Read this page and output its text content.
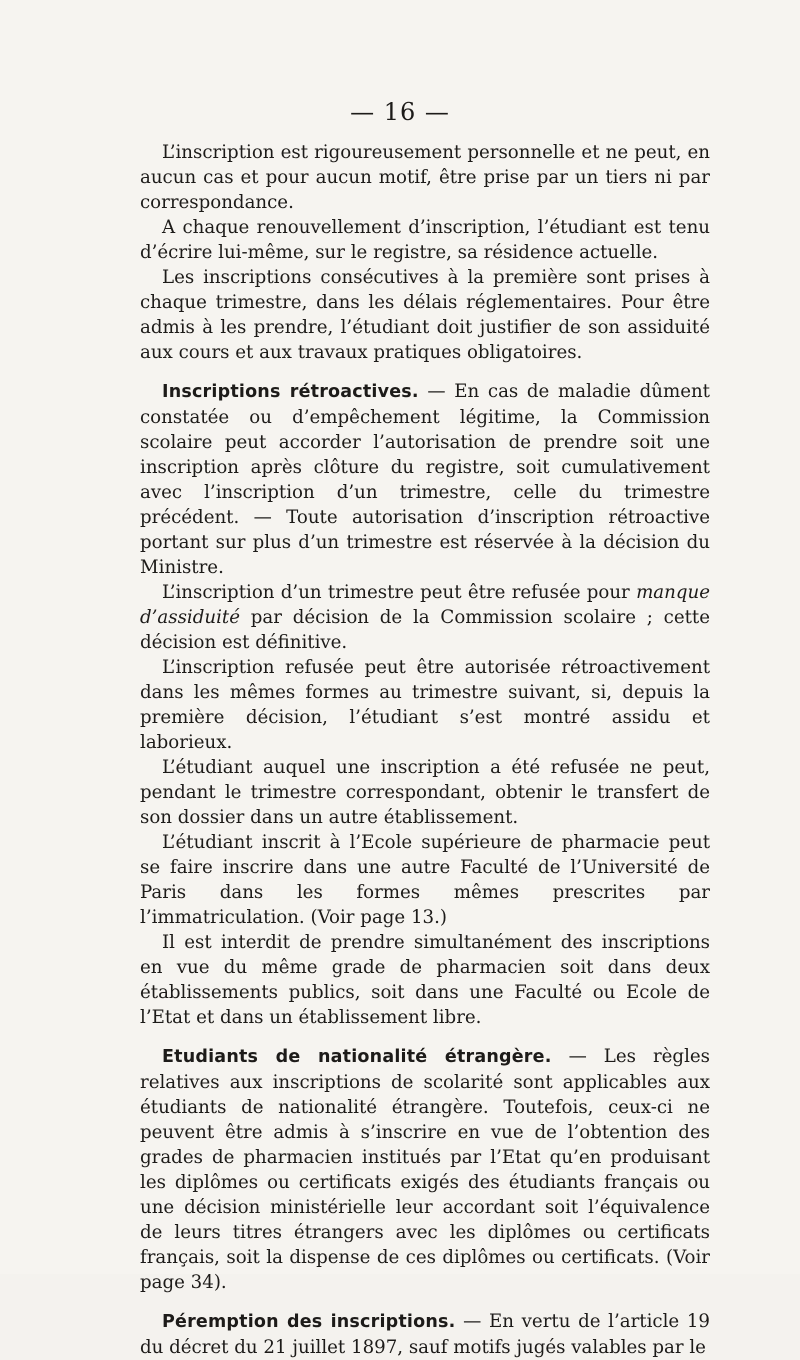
— 16 —

L’inscription est rigoureusement personnelle et ne peut, en aucun cas et pour aucun motif, être prise par un tiers ni par correspondance.

A chaque renouvellement d’inscription, l’étudiant est tenu d’écrire lui-même, sur le registre, sa résidence actuelle.

Les inscriptions consécutives à la première sont prises à chaque trimestre, dans les délais réglementaires. Pour être admis à les prendre, l’étudiant doit justifier de son assiduité aux cours et aux travaux pratiques obligatoires.

Inscriptions rétroactives. — En cas de maladie dûment constatée ou d’empêchement légitime, la Commission scolaire peut accorder l’autorisation de prendre soit une inscription après clôture du registre, soit cumulativement avec l’inscription d’un trimestre, celle du trimestre précédent. — Toute autorisation d’inscription rétroactive portant sur plus d’un trimestre est réservée à la décision du Ministre.

L’inscription d’un trimestre peut être refusée pour manque d’assiduité par décision de la Commission scolaire ; cette décision est définitive.

L’inscription refusée peut être autorisée rétroactivement dans les mêmes formes au trimestre suivant, si, depuis la première décision, l’étudiant s’est montré assidu et laborieux.

L’étudiant auquel une inscription a été refusée ne peut, pendant le trimestre correspondant, obtenir le transfert de son dossier dans un autre établissement.

L’étudiant inscrit à l’Ecole supérieure de pharmacie peut se faire inscrire dans une autre Faculté de l’Université de Paris dans les formes mêmes prescrites par l’immatriculation. (Voir page 13.)

Il est interdit de prendre simultanément des inscriptions en vue du même grade de pharmacien soit dans deux établissements publics, soit dans une Faculté ou Ecole de l’Etat et dans un établissement libre.

Etudiants de nationalité étrangère. — Les règles relatives aux inscriptions de scolarité sont applicables aux étudiants de nationalité étrangère. Toutefois, ceux-ci ne peuvent être admis à s’inscrire en vue de l’obtention des grades de pharmacien institués par l’Etat qu’en produisant les diplômes ou certificats exigés des étudiants français ou une décision ministérielle leur accordant soit l’équivalence de leurs titres étrangers avec les diplômes ou certificats français, soit la dispense de ces diplômes ou certificats. (Voir page 34).

Péremption des inscriptions. — En vertu de l’article 19 du décret du 21 juillet 1897, sauf motifs jugés valables par le
